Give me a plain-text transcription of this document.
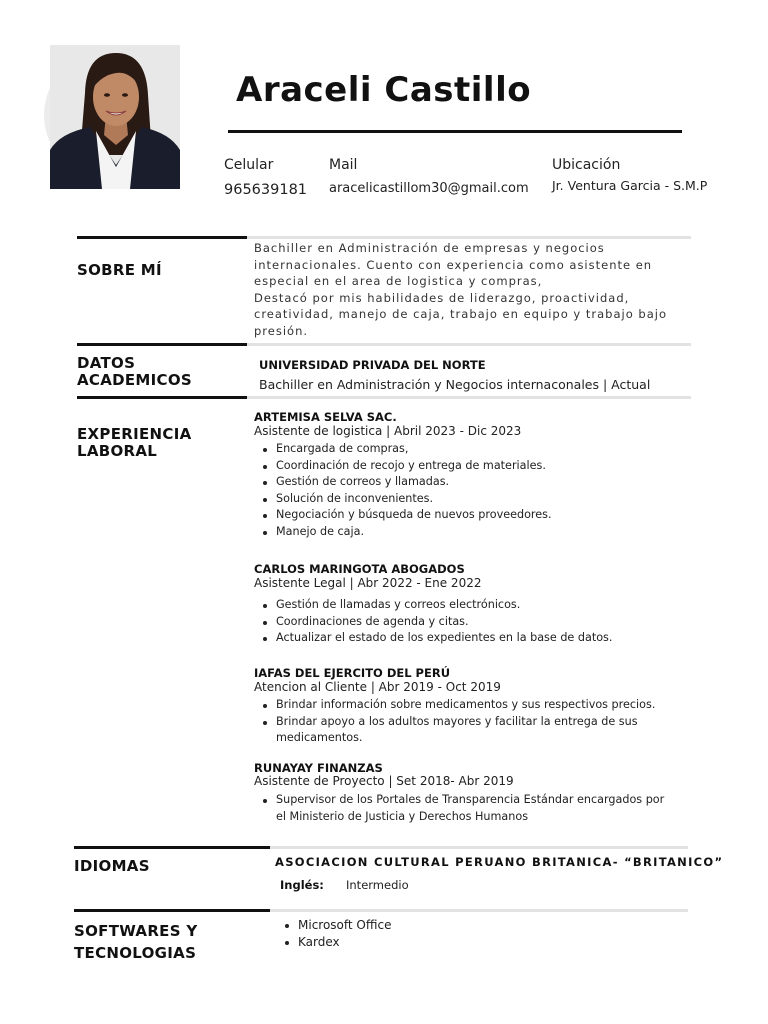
Araceli Castillo
Celular
965639181
Mail
aracelicastillom30@gmail.com
Ubicación
Jr. Ventura Garcia - S.M.P
SOBRE MÍ
Bachiller en Administración de empresas y negocios
internacionales. Cuento con experiencia como asistente en
especial en el area de logistica y compras,
Destacó por mis habilidades de liderazgo, proactividad,
creatividad, manejo de caja, trabajo en equipo y trabajo bajo
presión.
DATOS
ACADEMICOS
UNIVERSIDAD PRIVADA DEL NORTE
Bachiller en Administración y Negocios internaconales | Actual
EXPERIENCIA
LABORAL
ARTEMISA SELVA SAC.
Asistente de logistica | Abril 2023 - Dic 2023
Encargada de compras,
Coordinación de recojo y entrega de materiales.
Gestión de correos y llamadas.
Solución de inconvenientes.
Negociación y búsqueda de nuevos proveedores.
Manejo de caja.
CARLOS MARINGOTA ABOGADOS
Asistente Legal | Abr 2022 - Ene 2022
Gestión de llamadas y correos electrónicos.
Coordinaciones de agenda y citas.
Actualizar el estado de los expedientes en la base de datos.
IAFAS DEL EJERCITO DEL PERÚ
Atencion al Cliente | Abr 2019 - Oct 2019
Brindar información sobre medicamentos y sus respectivos precios.
Brindar apoyo a los adultos mayores y facilitar la entrega de sus medicamentos.
RUNAYAY FINANZAS
Asistente de Proyecto | Set 2018- Abr 2019
Supervisor de los Portales de Transparencia Estándar encargados por el Ministerio de Justicia y Derechos Humanos
IDIOMAS	ASOCIACION CULTURAL PERUANO BRITANICA- “BRITANICO”
Inglés: Intermedio
SOFTWARES Y
TECNOLOGIAS
Microsoft Office
Kardex
